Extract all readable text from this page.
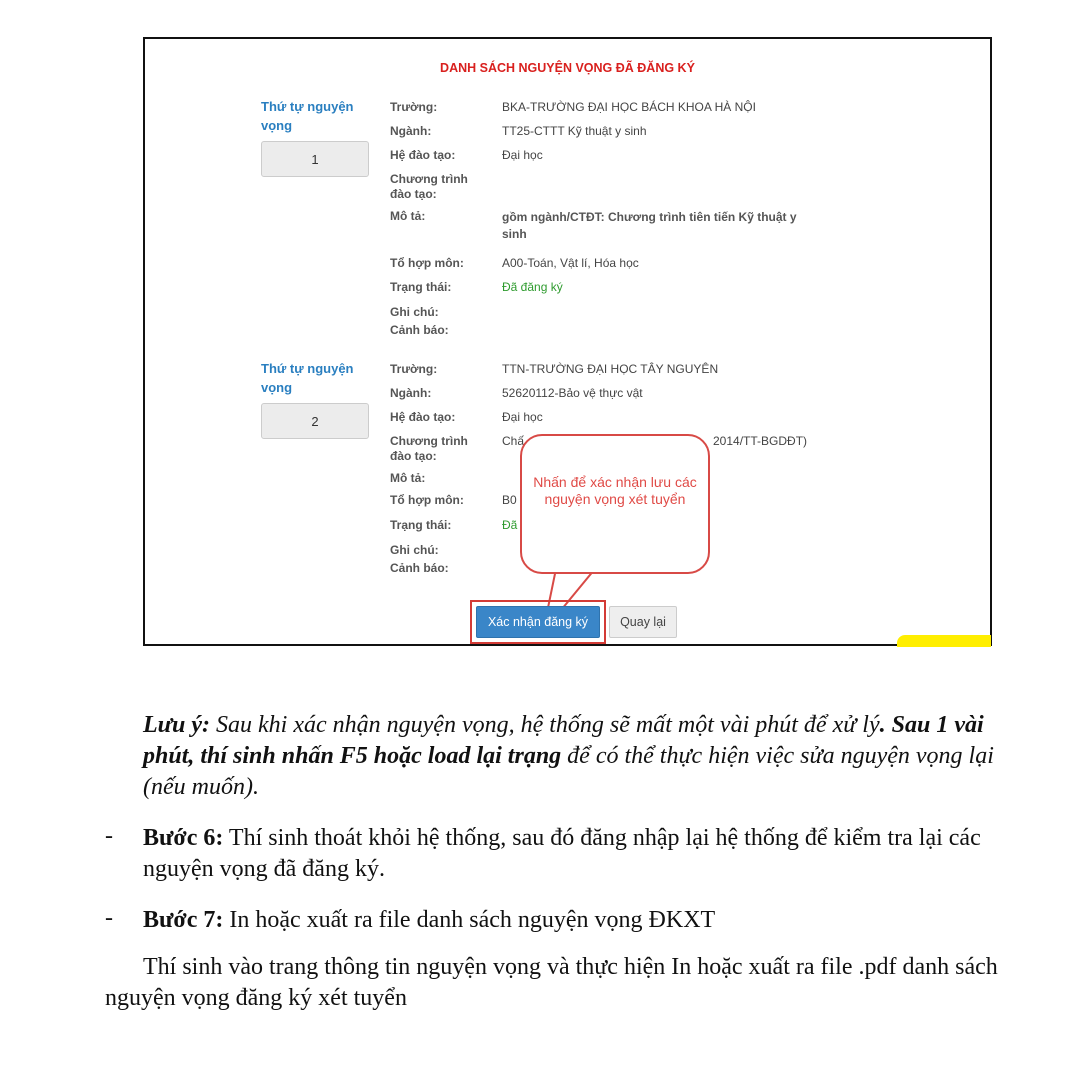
DANH SÁCH NGUYỆN VỌNG ĐÃ ĐĂNG KÝ
Thứ tự nguyện vọng
1
Trường:	BKA-TRƯỜNG ĐẠI HỌC BÁCH KHOA HÀ NỘI
Ngành:	TT25-CTTT Kỹ thuật y sinh
Hệ đào tạo:	Đại học
Chương trình đào tạo:
Mô tả:	gồm ngành/CTĐT: Chương trình tiên tiến Kỹ thuật y sinh
Tổ hợp môn:	A00-Toán, Vật lí, Hóa học
Trạng thái:	Đã đăng ký
Ghi chú:
Cảnh báo:
Thứ tự nguyện vọng
2
Trường:	TTN-TRƯỜNG ĐẠI HỌC TÂY NGUYÊN
Ngành:	52620112-Bảo vệ thực vật
Hệ đào tạo:	Đại học
Chương trình đào tạo:
Chấ	2014/TT-BGDĐT)
Mô tả:
Tổ hợp môn:	B0
Trạng thái:	Đã
Ghi chú:
Cảnh báo:
Nhấn để xác nhận lưu các nguyện vọng xét tuyển
Xác nhận đăng ký	Quay lại
Lưu ý: Sau khi xác nhận nguyện vọng, hệ thống sẽ mất một vài phút để xử lý. Sau 1 vài phút, thí sinh nhấn F5 hoặc load lại trạng để có thể thực hiện việc sửa nguyện vọng lại (nếu muốn).
- Bước 6: Thí sinh thoát khỏi hệ thống, sau đó đăng nhập lại hệ thống để kiểm tra lại các nguyện vọng đã đăng ký.
- Bước 7: In hoặc xuất ra file danh sách nguyện vọng ĐKXT
Thí sinh vào trang thông tin nguyện vọng và thực hiện In hoặc xuất ra file .pdf danh sách nguyện vọng đăng ký xét tuyển
